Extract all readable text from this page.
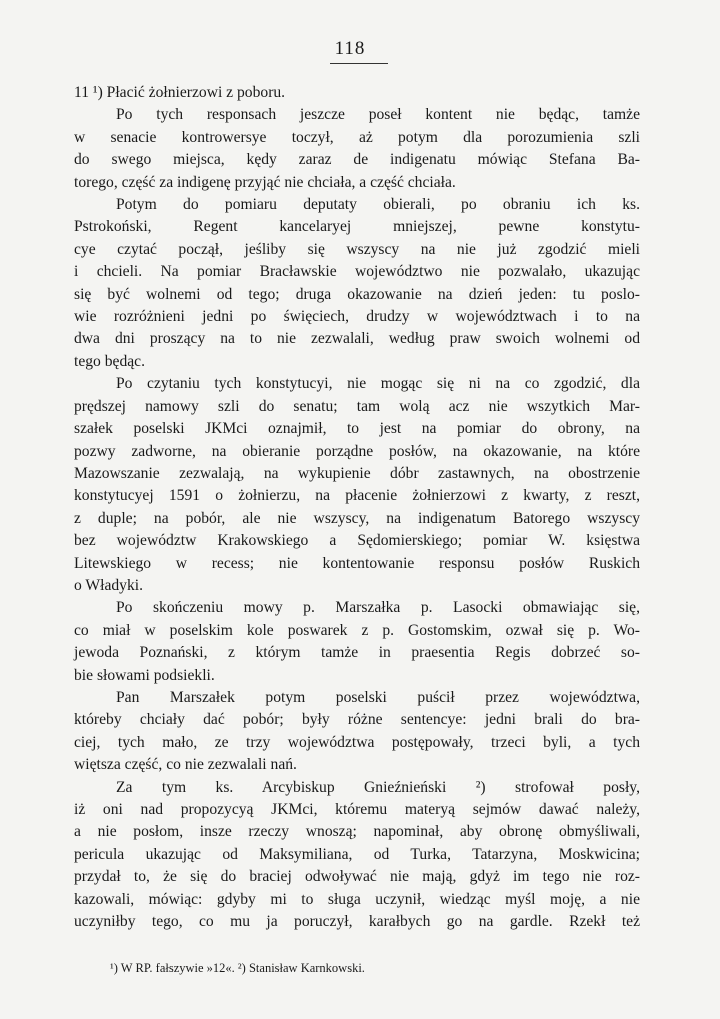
118
11 ¹) Płacić żołnierzowi z poboru.
Po tych responsach jeszcze poseł kontent nie będąc, tamże
w senacie kontrowersye toczył, aż potym dla porozumienia szli
do swego miejsca, kędy zaraz de indigenatu mówiąc Stefana Ba-
torego, część za indigenę przyjąć nie chciała, a część chciała.
Potym do pomiaru deputaty obierali, po obraniu ich ks.
Pstrokoński, Regent kancelaryej mniejszej, pewne konstytu-
cye czytać począł, jeśliby się wszyscy na nie już zgodzić mieli
i chcieli. Na pomiar Bracławskie województwo nie pozwalało, ukazując
się być wolnemi od tego; druga okazowanie na dzień jeden: tu poslo-
wie rozróżnieni jedni po święciech, drudzy w województwach i to na
dwa dni proszący na to nie zezwalali, według praw swoich wolnemi od
tego będąc.
Po czytaniu tych konstytucyi, nie mogąc się ni na co zgodzić, dla
prędszej namowy szli do senatu; tam wolą acz nie wszytkich Mar-
szałek poselski JKMci oznajmił, to jest na pomiar do obrony, na
pozwy zadworne, na obieranie porządne posłów, na okazowanie, na które
Mazowszanie zezwalają, na wykupienie dóbr zastawnych, na obostrzenie
konstytucyej 1591 o żołnierzu, na płacenie żołnierzowi z kwarty, z reszt,
z duple; na pobór, ale nie wszyscy, na indigenatum Batorego wszyscy
bez województw Krakowskiego a Sędomierskiego; pomiar W. księstwa
Litewskiego w recess; nie kontentowanie responsu posłów Ruskich
o Władyki.
Po skończeniu mowy p. Marszałka p. Lasocki obmawiając się,
co miał w poselskim kole poswarek z p. Gostomskim, ozwał się p. Wo-
jewoda Poznański, z którym tamże in praesentia Regis dobrzeć so-
bie słowami podsiekli.
Pan Marszałek potym poselski puścił przez województwa,
któreby chciały dać pobór; były różne sentencye: jedni brali do bra-
ciej, tych mało, ze trzy województwa postępowały, trzeci byli, a tych
więtsza część, co nie zezwalali nań.
Za tym ks. Arcybiskup Gnieźnieński ²) strofował posły,
iż oni nad propozycyą JKMci, któremu materyą sejmów dawać należy,
a nie posłom, insze rzeczy wnoszą; napominał, aby obronę obmyśliwali,
pericula ukazując od Maksymiliana, od Turka, Tatarzyna, Moskwicina;
przydał to, że się do braciej odwoływać nie mają, gdyż im tego nie roz-
kazowali, mówiąc: gdyby mi to sługa uczynił, wiedząc myśl moję, a nie
uczyniłby tego, co mu ja poruczył, karałbych go na gardle. Rzekł też
¹) W RP. fałszywie »12«. ²) Stanisław Karnkowski.
